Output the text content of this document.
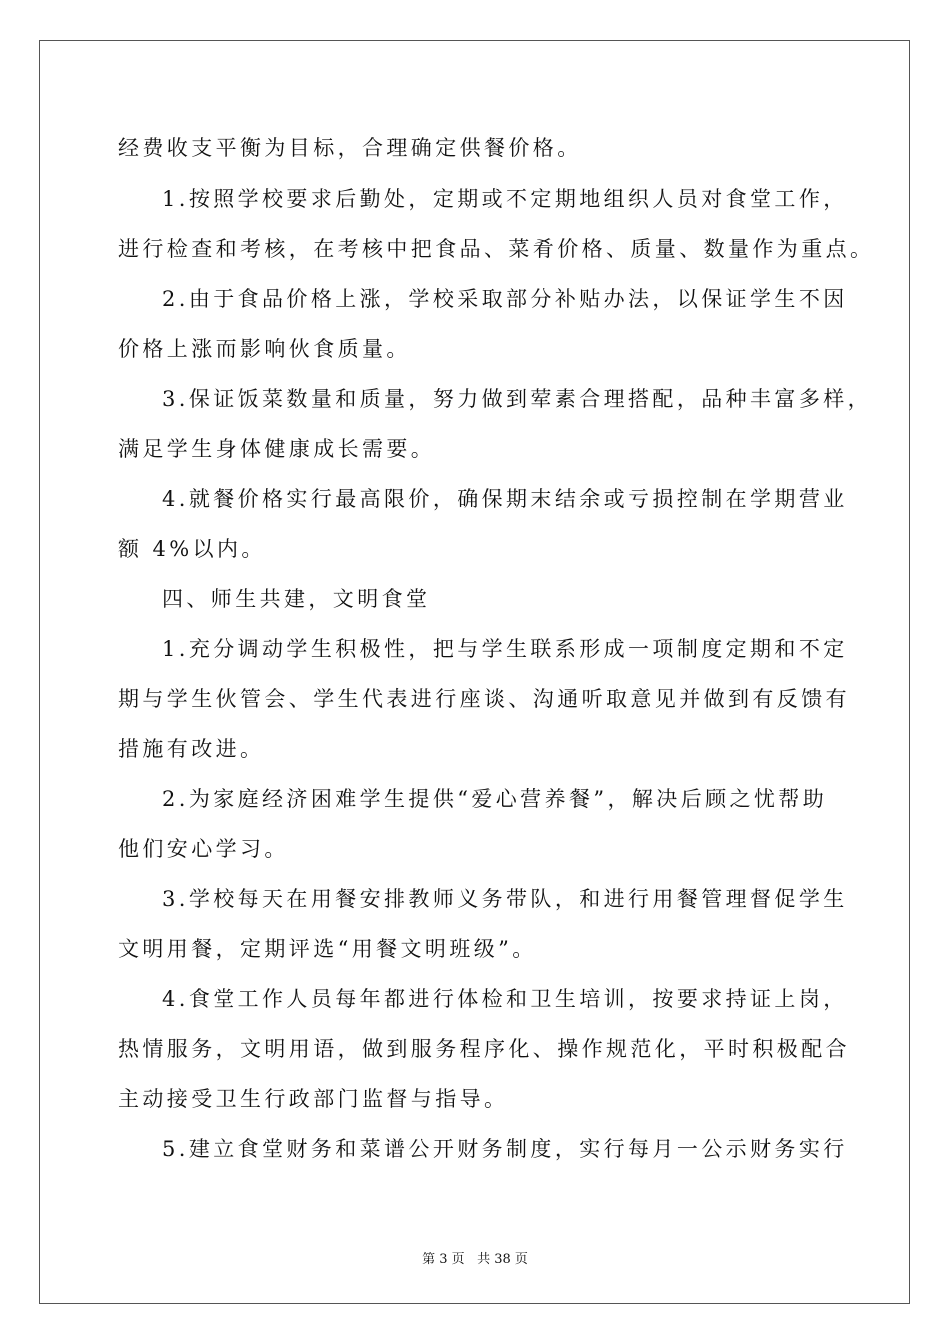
经费收支平衡为目标，合理确定供餐价格。
1.按照学校要求后勤处，定期或不定期地组织人员对食堂工作，
进行检查和考核，在考核中把食品、菜肴价格、质量、数量作为重点。
2.由于食品价格上涨，学校采取部分补贴办法，以保证学生不因
价格上涨而影响伙食质量。
3.保证饭菜数量和质量，努力做到荤素合理搭配，品种丰富多样，
满足学生身体健康成长需要。
4.就餐价格实行最高限价，确保期末结余或亏损控制在学期营业
额 4%以内。
四、师生共建，文明食堂
1.充分调动学生积极性，把与学生联系形成一项制度定期和不定
期与学生伙管会、学生代表进行座谈、沟通听取意见并做到有反馈有
措施有改进。
2.为家庭经济困难学生提供“爱心营养餐”，解决后顾之忧帮助
他们安心学习。
3.学校每天在用餐安排教师义务带队，和进行用餐管理督促学生
文明用餐，定期评选“用餐文明班级”。
4.食堂工作人员每年都进行体检和卫生培训，按要求持证上岗，
热情服务，文明用语，做到服务程序化、操作规范化，平时积极配合
主动接受卫生行政部门监督与指导。
5.建立食堂财务和菜谱公开财务制度，实行每月一公示财务实行
第 3 页 共 38 页
